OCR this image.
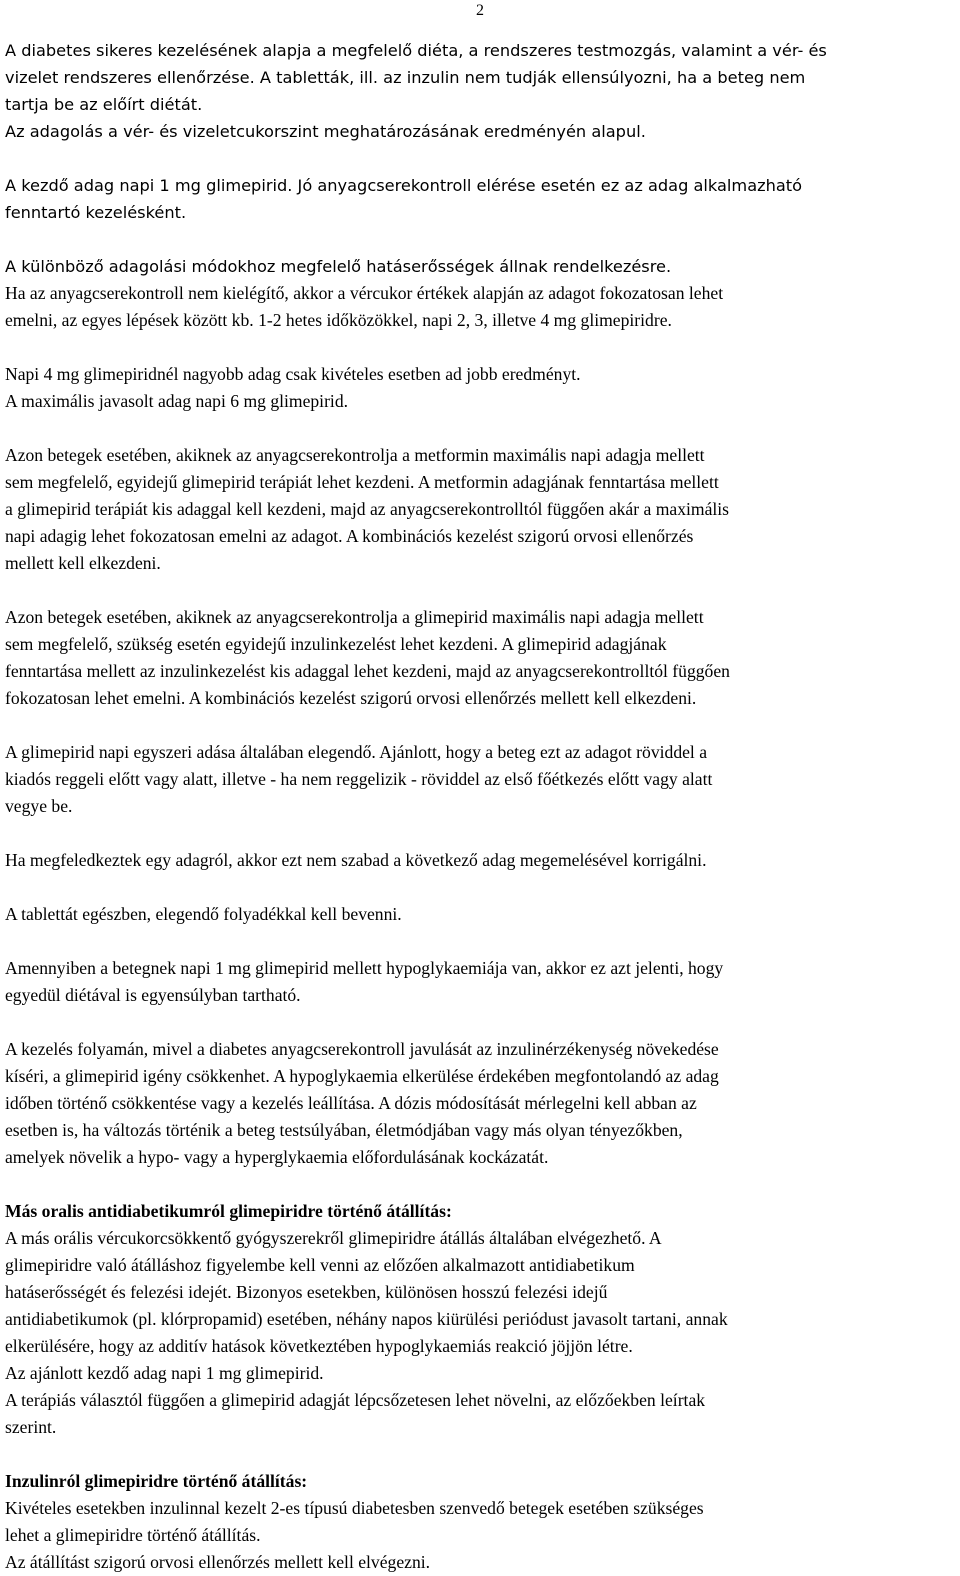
2

A diabetes sikeres kezelésének alapja a megfelelő diéta, a rendszeres testmozgás, valamint a vér- és

vizelet rendszeres ellenőrzése. A tabletták, ill. az inzulin nem tudják ellensúlyozni, ha a beteg nem

tartja be az előírt diétát.

Az adagolás a vér- és vizeletcukorszint meghatározásának eredményén alapul.

A kezdő adag napi 1 mg glimepirid. Jó anyagcserekontroll elérése esetén ez az adag alkalmazható

fenntartó kezelésként.

A különböző adagolási módokhoz megfelelő hatáserősségek állnak rendelkezésre.

Ha az anyagcserekontroll nem kielégítő, akkor a vércukor értékek alapján az adagot fokozatosan lehet

emelni, az egyes lépések között kb. 1-2 hetes időközökkel, napi 2, 3, illetve 4 mg glimepiridre.

Napi 4 mg glimepiridnél nagyobb adag csak kivételes esetben ad jobb eredményt.

A maximális javasolt adag napi 6 mg glimepirid.

Azon betegek esetében, akiknek az anyagcserekontrolja a metformin maximális napi adagja mellett

sem megfelelő, egyidejű glimepirid terápiát lehet kezdeni. A metformin adagjának fenntartása mellett

a glimepirid terápiát kis adaggal kell kezdeni, majd az anyagcserekontrolltól függően akár a maximális

napi adagig lehet fokozatosan emelni az adagot. A kombinációs kezelést szigorú orvosi ellenőrzés

mellett kell elkezdeni.

Azon betegek esetében, akiknek az anyagcserekontrolja a glimepirid maximális napi adagja mellett

sem megfelelő, szükség esetén egyidejű inzulinkezelést lehet kezdeni. A glimepirid adagjának

fenntartása mellett az inzulinkezelést kis adaggal lehet kezdeni, majd az anyagcserekontrolltól függően

fokozatosan lehet emelni. A kombinációs kezelést szigorú orvosi ellenőrzés mellett kell elkezdeni.

A glimepirid napi egyszeri adása általában elegendő. Ajánlott, hogy a beteg ezt az adagot röviddel a

kiadós reggeli előtt vagy alatt, illetve - ha nem reggelizik - röviddel az első főétkezés előtt vagy alatt

vegye be.

Ha megfeledkeztek egy adagról, akkor ezt nem szabad a következő adag megemelésével korrigálni.

A tablettát egészben, elegendő folyadékkal kell bevenni.

Amennyiben a betegnek napi 1 mg glimepirid mellett hypoglykaemiája van, akkor ez azt jelenti, hogy

egyedül diétával is egyensúlyban tartható.

A kezelés folyamán, mivel a diabetes anyagcserekontroll javulását az inzulinérzékenység növekedése

kíséri, a glimepirid igény csökkenhet. A hypoglykaemia elkerülése érdekében megfontolandó az adag

időben történő csökkentése vagy a kezelés leállítása. A dózis módosítását mérlegelni kell abban az

esetben is, ha változás történik a beteg testsúlyában, életmódjában vagy más olyan tényezőkben,

amelyek növelik a hypo- vagy a hyperglykaemia előfordulásának kockázatát.

Más oralis antidiabetikumról glimepiridre történő átállítás:

A más orális vércukorcsökkentő gyógyszerekről glimepiridre átállás általában elvégezhető. A

glimepiridre való átálláshoz figyelembe kell venni az előzően alkalmazott antidiabetikum

hatáserősségét és felezési idejét. Bizonyos esetekben, különösen hosszú felezési idejű

antidiabetikumok (pl. klórpropamid) esetében, néhány napos kiürülési periódust javasolt tartani, annak

elkerülésére, hogy az additív hatások következtében hypoglykaemiás reakció jöjjön létre.

Az ajánlott kezdő adag napi 1 mg glimepirid.

A terápiás választól függően a glimepirid adagját lépcsőzetesen lehet növelni, az előzőekben leírtak

szerint.

Inzulinról glimepiridre történő átállítás:

Kivételes esetekben inzulinnal kezelt 2-es típusú diabetesben szenvedő betegek esetében szükséges

lehet a glimepiridre történő átállítás.

Az átállítást szigorú orvosi ellenőrzés mellett kell elvégezni.
